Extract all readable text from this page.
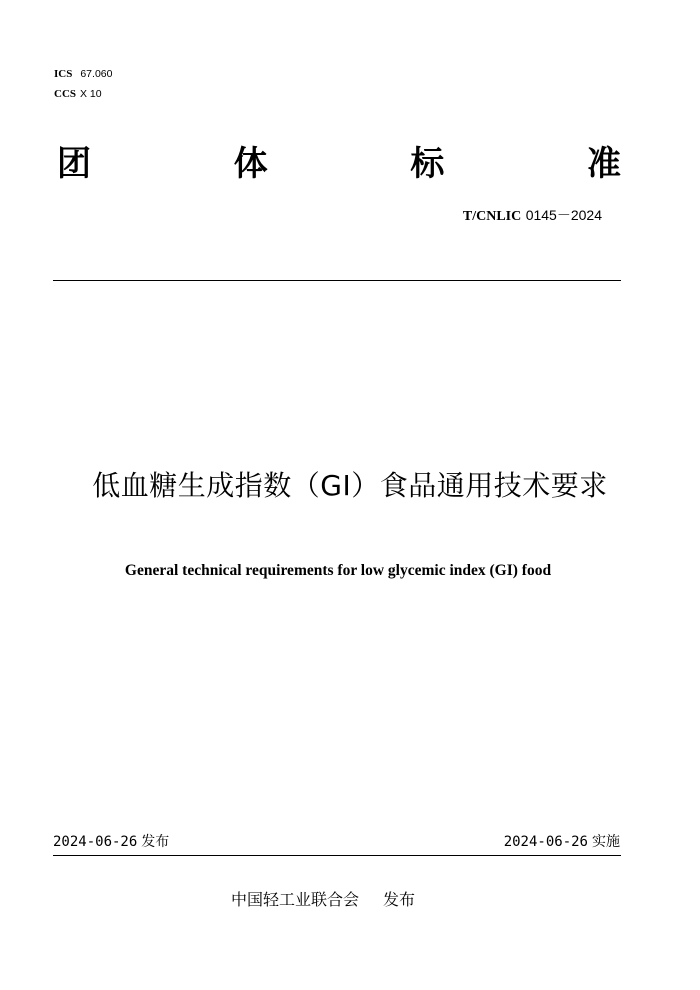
ICS 67.060
CCS X 10
团	体	标	准
T/CNLIC 0145－2024
低血糖生成指数（GI）食品通用技术要求
General technical requirements for low glycemic index (GI) food
2024-06-26 发布	2024-06-26 实施
中国轻工业联合会 发布
